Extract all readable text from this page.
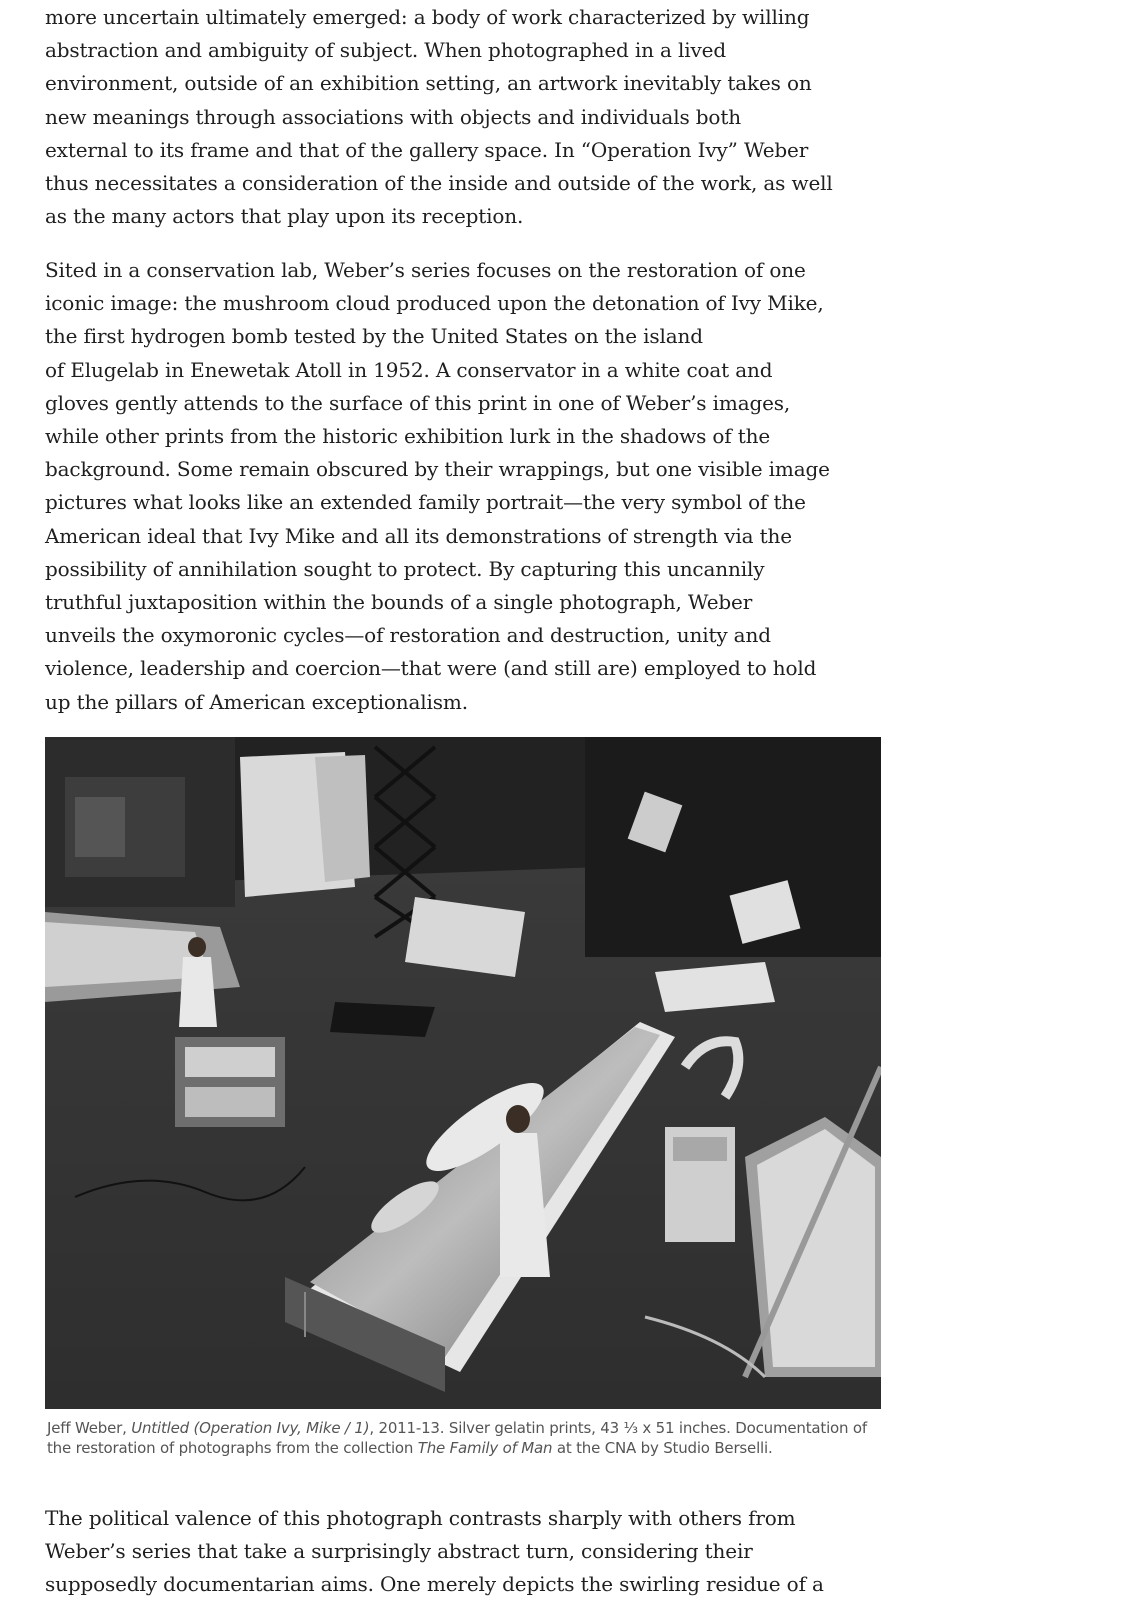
more uncertain ultimately emerged: a body of work characterized by willing
abstraction and ambiguity of subject. When photographed in a lived
environment, outside of an exhibition setting, an artwork inevitably takes on
new meanings through associations with objects and individuals both
external to its frame and that of the gallery space. In “Operation Ivy” Weber
thus necessitates a consideration of the inside and outside of the work, as well
as the many actors that play upon its reception.
Sited in a conservation lab, Weber’s series focuses on the restoration of one
iconic image: the mushroom cloud produced upon the detonation of Ivy Mike,
the first hydrogen bomb tested by the United States on the island
of Elugelab in Enewetak Atoll in 1952. A conservator in a white coat and
gloves gently attends to the surface of this print in one of Weber’s images,
while other prints from the historic exhibition lurk in the shadows of the
background. Some remain obscured by their wrappings, but one visible image
pictures what looks like an extended family portrait—the very symbol of the
American ideal that Ivy Mike and all its demonstrations of strength via the
possibility of annihilation sought to protect. By capturing this uncannily
truthful juxtaposition within the bounds of a single photograph, Weber
unveils the oxymoronic cycles—of restoration and destruction, unity and
violence, leadership and coercion—that were (and still are) employed to hold
up the pillars of American exceptionalism.
Jeff Weber, Untitled (Operation Ivy, Mike / 1), 2011-13. Silver gelatin prints, 43 ⅓ x 51 inches. Documentation of
the restoration of photographs from the collection The Family of Man at the CNA by Studio Berselli.
The political valence of this photograph contrasts sharply with others from
Weber’s series that take a surprisingly abstract turn, considering their
supposedly documentarian aims. One merely depicts the swirling residue of a
